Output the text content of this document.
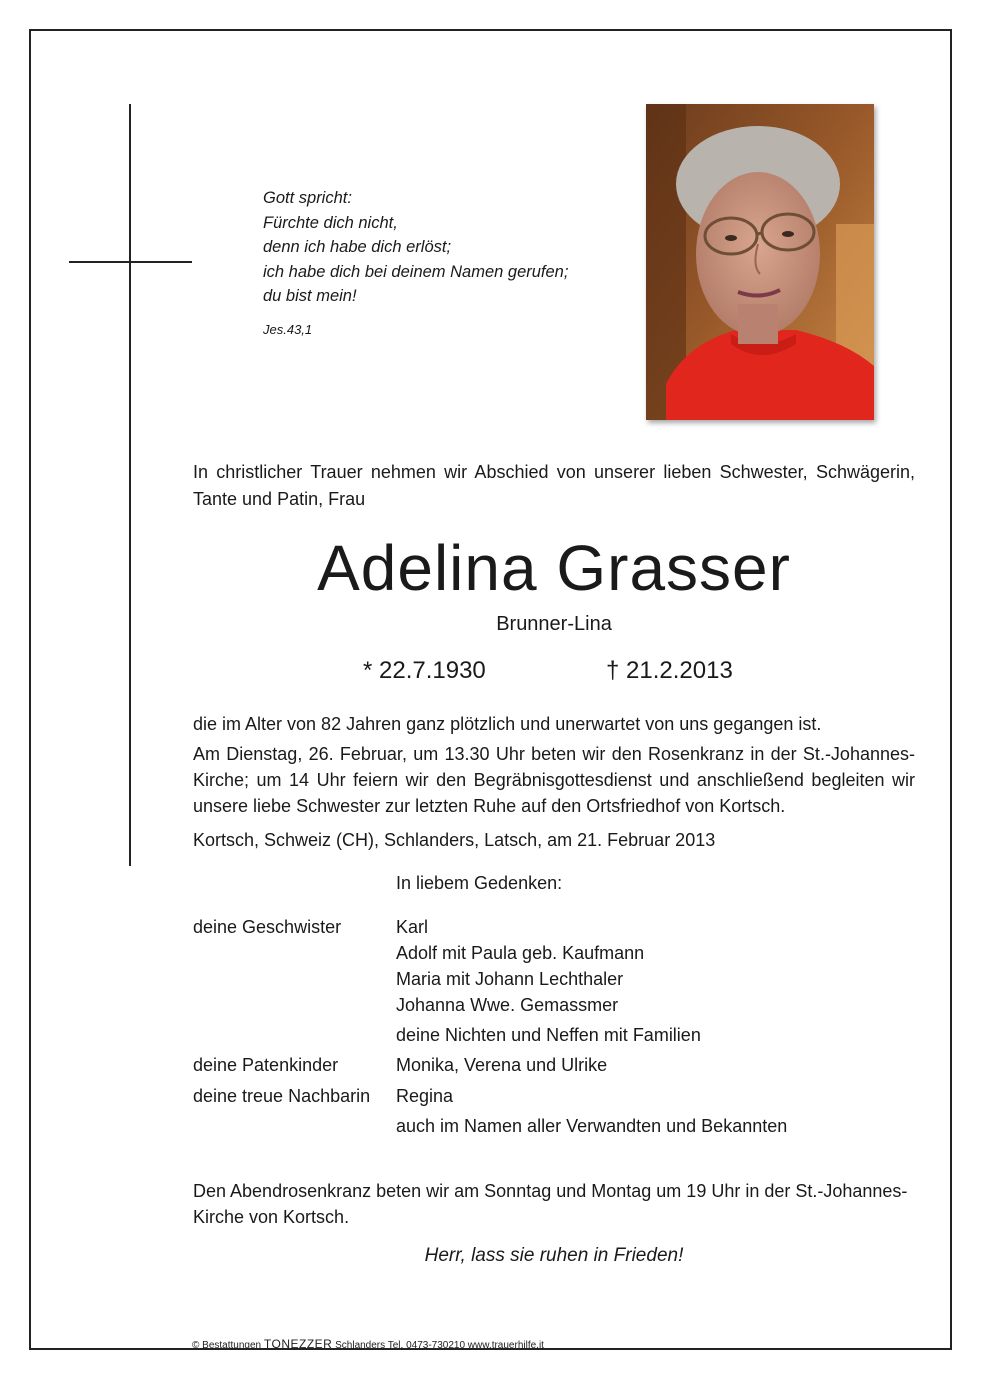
Gott spricht:
Fürchte dich nicht,
denn ich habe dich erlöst;
ich habe dich bei deinem Namen gerufen;
du bist mein!
Jes.43,1
In christlicher Trauer nehmen wir Abschied von unserer lieben Schwester, Schwägerin, Tante und Patin, Frau
Adelina Grasser
Brunner-Lina
* 22.7.1930	† 21.2.2013
die im Alter von 82 Jahren ganz plötzlich und unerwartet von uns gegangen ist.
Am Dienstag, 26. Februar, um 13.30 Uhr beten wir den Rosenkranz in der St.-Johannes-Kirche; um 14 Uhr feiern wir den Begräbnisgottesdienst und anschließend begleiten wir unsere liebe Schwester zur letzten Ruhe auf den Ortsfriedhof von Kortsch.
Kortsch, Schweiz (CH), Schlanders, Latsch, am 21. Februar 2013
In liebem Gedenken:
deine Geschwister	Karl
Adolf mit Paula geb. Kaufmann
Maria mit Johann Lechthaler
Johanna Wwe. Gemassmer
deine Nichten und Neffen mit Familien
deine Patenkinder	Monika, Verena und Ulrike
deine treue Nachbarin Regina
auch im Namen aller Verwandten und Bekannten
Den Abendrosenkranz beten wir am Sonntag und Montag um 19 Uhr in der St.-Johannes-Kirche von Kortsch.
Herr, lass sie ruhen in Frieden!
© Bestattungen TONEZZER Schlanders Tel. 0473-730210 www.trauerhilfe.it
